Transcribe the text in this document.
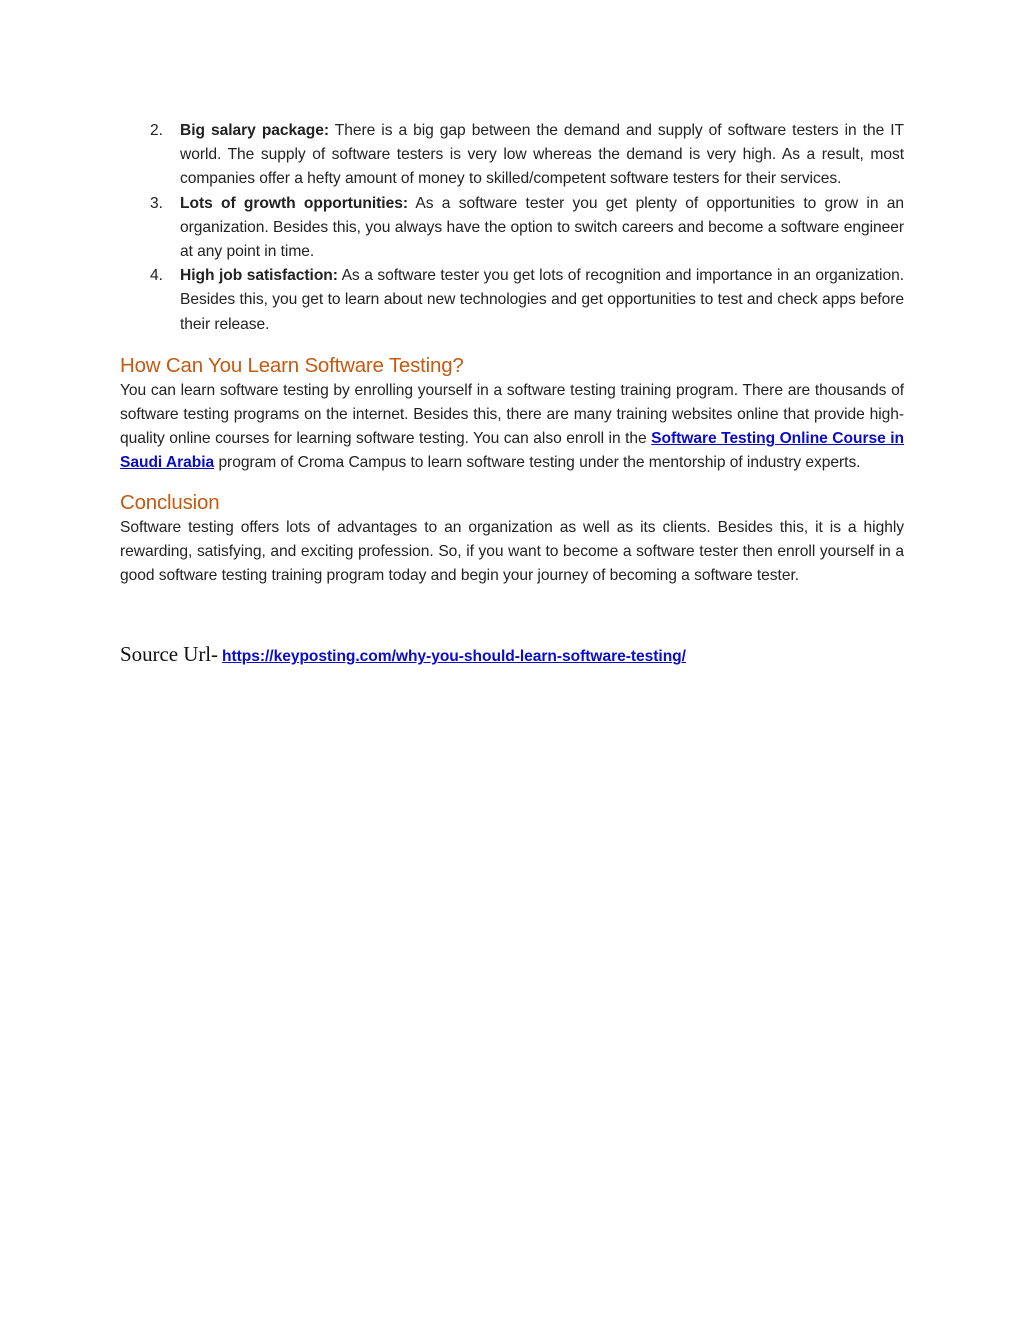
2. Big salary package: There is a big gap between the demand and supply of software testers in the IT world. The supply of software testers is very low whereas the demand is very high. As a result, most companies offer a hefty amount of money to skilled/competent software testers for their services.
3. Lots of growth opportunities: As a software tester you get plenty of opportunities to grow in an organization. Besides this, you always have the option to switch careers and become a software engineer at any point in time.
4. High job satisfaction: As a software tester you get lots of recognition and importance in an organization. Besides this, you get to learn about new technologies and get opportunities to test and check apps before their release.
How Can You Learn Software Testing?

You can learn software testing by enrolling yourself in a software testing training program. There are thousands of software testing programs on the internet. Besides this, there are many training websites online that provide high-quality online courses for learning software testing. You can also enroll in the Software Testing Online Course in Saudi Arabia program of Croma Campus to learn software testing under the mentorship of industry experts.

Conclusion

Software testing offers lots of advantages to an organization as well as its clients. Besides this, it is a highly rewarding, satisfying, and exciting profession. So, if you want to become a software tester then enroll yourself in a good software testing training program today and begin your journey of becoming a software tester.

Source Url- https://keyposting.com/why-you-should-learn-software-testing/
